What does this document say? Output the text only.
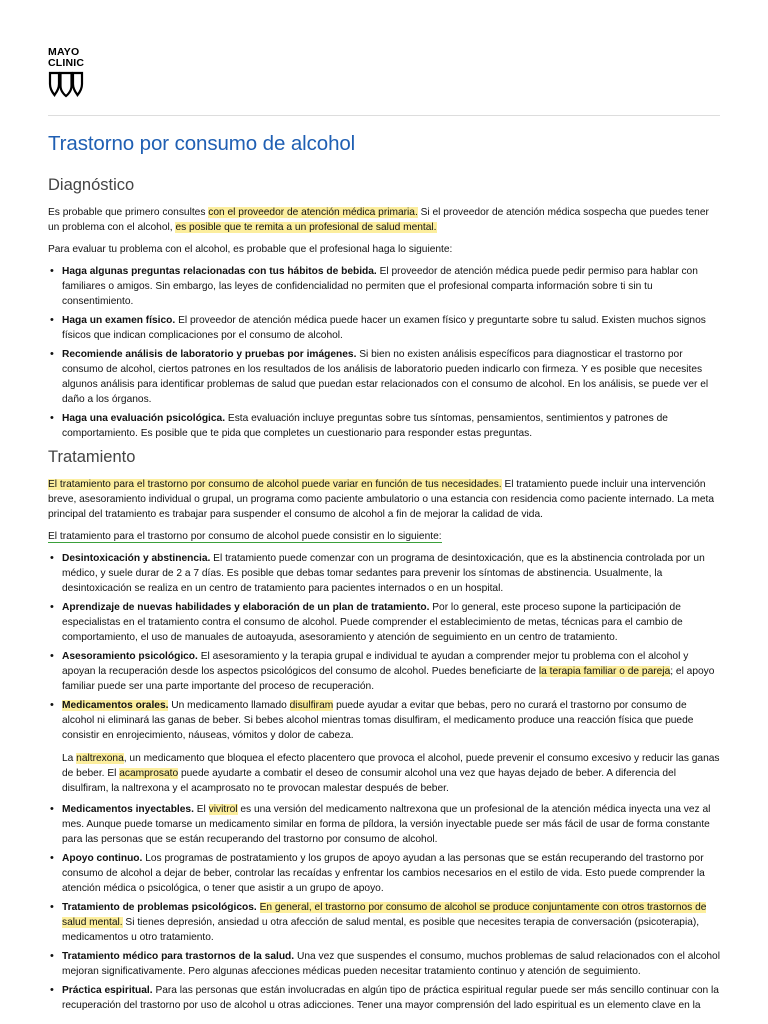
MAYO
CLINIC
Trastorno por consumo de alcohol
Diagnóstico

Es probable que primero consultes con el proveedor de atención médica primaria. Si el proveedor de atención médica sospecha que puedes tener un problema con el alcohol, es posible que te remita a un profesional de salud mental.

Para evaluar tu problema con el alcohol, es probable que el profesional haga lo siguiente:

• Haga algunas preguntas relacionadas con tus hábitos de bebida. El proveedor de atención médica puede pedir permiso para hablar con familiares o amigos. Sin embargo, las leyes de confidencialidad no permiten que el profesional comparta información sobre ti sin tu consentimiento.
• Haga un examen físico. El proveedor de atención médica puede hacer un examen físico y preguntarte sobre tu salud. Existen muchos signos físicos que indican complicaciones por el consumo de alcohol.
• Recomiende análisis de laboratorio y pruebas por imágenes. Si bien no existen análisis específicos para diagnosticar el trastorno por consumo de alcohol, ciertos patrones en los resultados de los análisis de laboratorio pueden indicarlo con firmeza. Y es posible que necesites algunos análisis para identificar problemas de salud que puedan estar relacionados con el consumo de alcohol. En los análisis, se puede ver el daño a los órganos.
• Haga una evaluación psicológica. Esta evaluación incluye preguntas sobre tus síntomas, pensamientos, sentimientos y patrones de comportamiento. Es posible que te pida que completes un cuestionario para responder estas preguntas.
Tratamiento

El tratamiento para el trastorno por consumo de alcohol puede variar en función de tus necesidades. El tratamiento puede incluir una intervención breve, asesoramiento individual o grupal, un programa como paciente ambulatorio o una estancia con residencia como paciente internado. La meta principal del tratamiento es trabajar para suspender el consumo de alcohol a fin de mejorar la calidad de vida.

El tratamiento para el trastorno por consumo de alcohol puede consistir en lo siguiente:

• Desintoxicación y abstinencia. El tratamiento puede comenzar con un programa de desintoxicación, que es la abstinencia controlada por un médico, y suele durar de 2 a 7 días. Es posible que debas tomar sedantes para prevenir los síntomas de abstinencia. Usualmente, la desintoxicación se realiza en un centro de tratamiento para pacientes internados o en un hospital.
• Aprendizaje de nuevas habilidades y elaboración de un plan de tratamiento. Por lo general, este proceso supone la participación de especialistas en el tratamiento contra el consumo de alcohol. Puede comprender el establecimiento de metas, técnicas para el cambio de comportamiento, el uso de manuales de autoayuda, asesoramiento y atención de seguimiento en un centro de tratamiento.
• Asesoramiento psicológico. El asesoramiento y la terapia grupal e individual te ayudan a comprender mejor tu problema con el alcohol y apoyan la recuperación desde los aspectos psicológicos del consumo de alcohol. Puedes beneficiarte de la terapia familiar o de pareja; el apoyo familiar puede ser una parte importante del proceso de recuperación.
• Medicamentos orales. Un medicamento llamado disulfiram puede ayudar a evitar que bebas, pero no curará el trastorno por consumo de alcohol ni eliminará las ganas de beber. Si bebes alcohol mientras tomas disulfiram, el medicamento produce una reacción física que puede consistir en enrojecimiento, náuseas, vómitos y dolor de cabeza.

La naltrexona, un medicamento que bloquea el efecto placentero que provoca el alcohol, puede prevenir el consumo excesivo y reducir las ganas de beber. El acamprosato puede ayudarte a combatir el deseo de consumir alcohol una vez que hayas dejado de beber. A diferencia del disulfiram, la naltrexona y el acamprosato no te provocan malestar después de beber.

• Medicamentos inyectables. El vivitrol es una versión del medicamento naltrexona que un profesional de la atención médica inyecta una vez al mes. Aunque puede tomarse un medicamento similar en forma de píldora, la versión inyectable puede ser más fácil de usar de forma constante para las personas que se están recuperando del trastorno por consumo de alcohol.
• Apoyo continuo. Los programas de postratamiento y los grupos de apoyo ayudan a las personas que se están recuperando del trastorno por consumo de alcohol a dejar de beber, controlar las recaídas y enfrentar los cambios necesarios en el estilo de vida. Esto puede comprender la atención médica o psicológica, o tener que asistir a un grupo de apoyo.
• Tratamiento de problemas psicológicos. En general, el trastorno por consumo de alcohol se produce conjuntamente con otros trastornos de salud mental. Si tienes depresión, ansiedad u otra afección de salud mental, es posible que necesites terapia de conversación (psicoterapia), medicamentos u otro tratamiento.
• Tratamiento médico para trastornos de la salud. Una vez que suspendes el consumo, muchos problemas de salud relacionados con el alcohol mejoran significativamente. Pero algunas afecciones médicas pueden necesitar tratamiento continuo y atención de seguimiento.
• Práctica espiritual. Para las personas que están involucradas en algún tipo de práctica espiritual regular puede ser más sencillo continuar con la recuperación del trastorno por uso de alcohol u otras adicciones. Tener una mayor comprensión del lado espiritual es un elemento clave en la
